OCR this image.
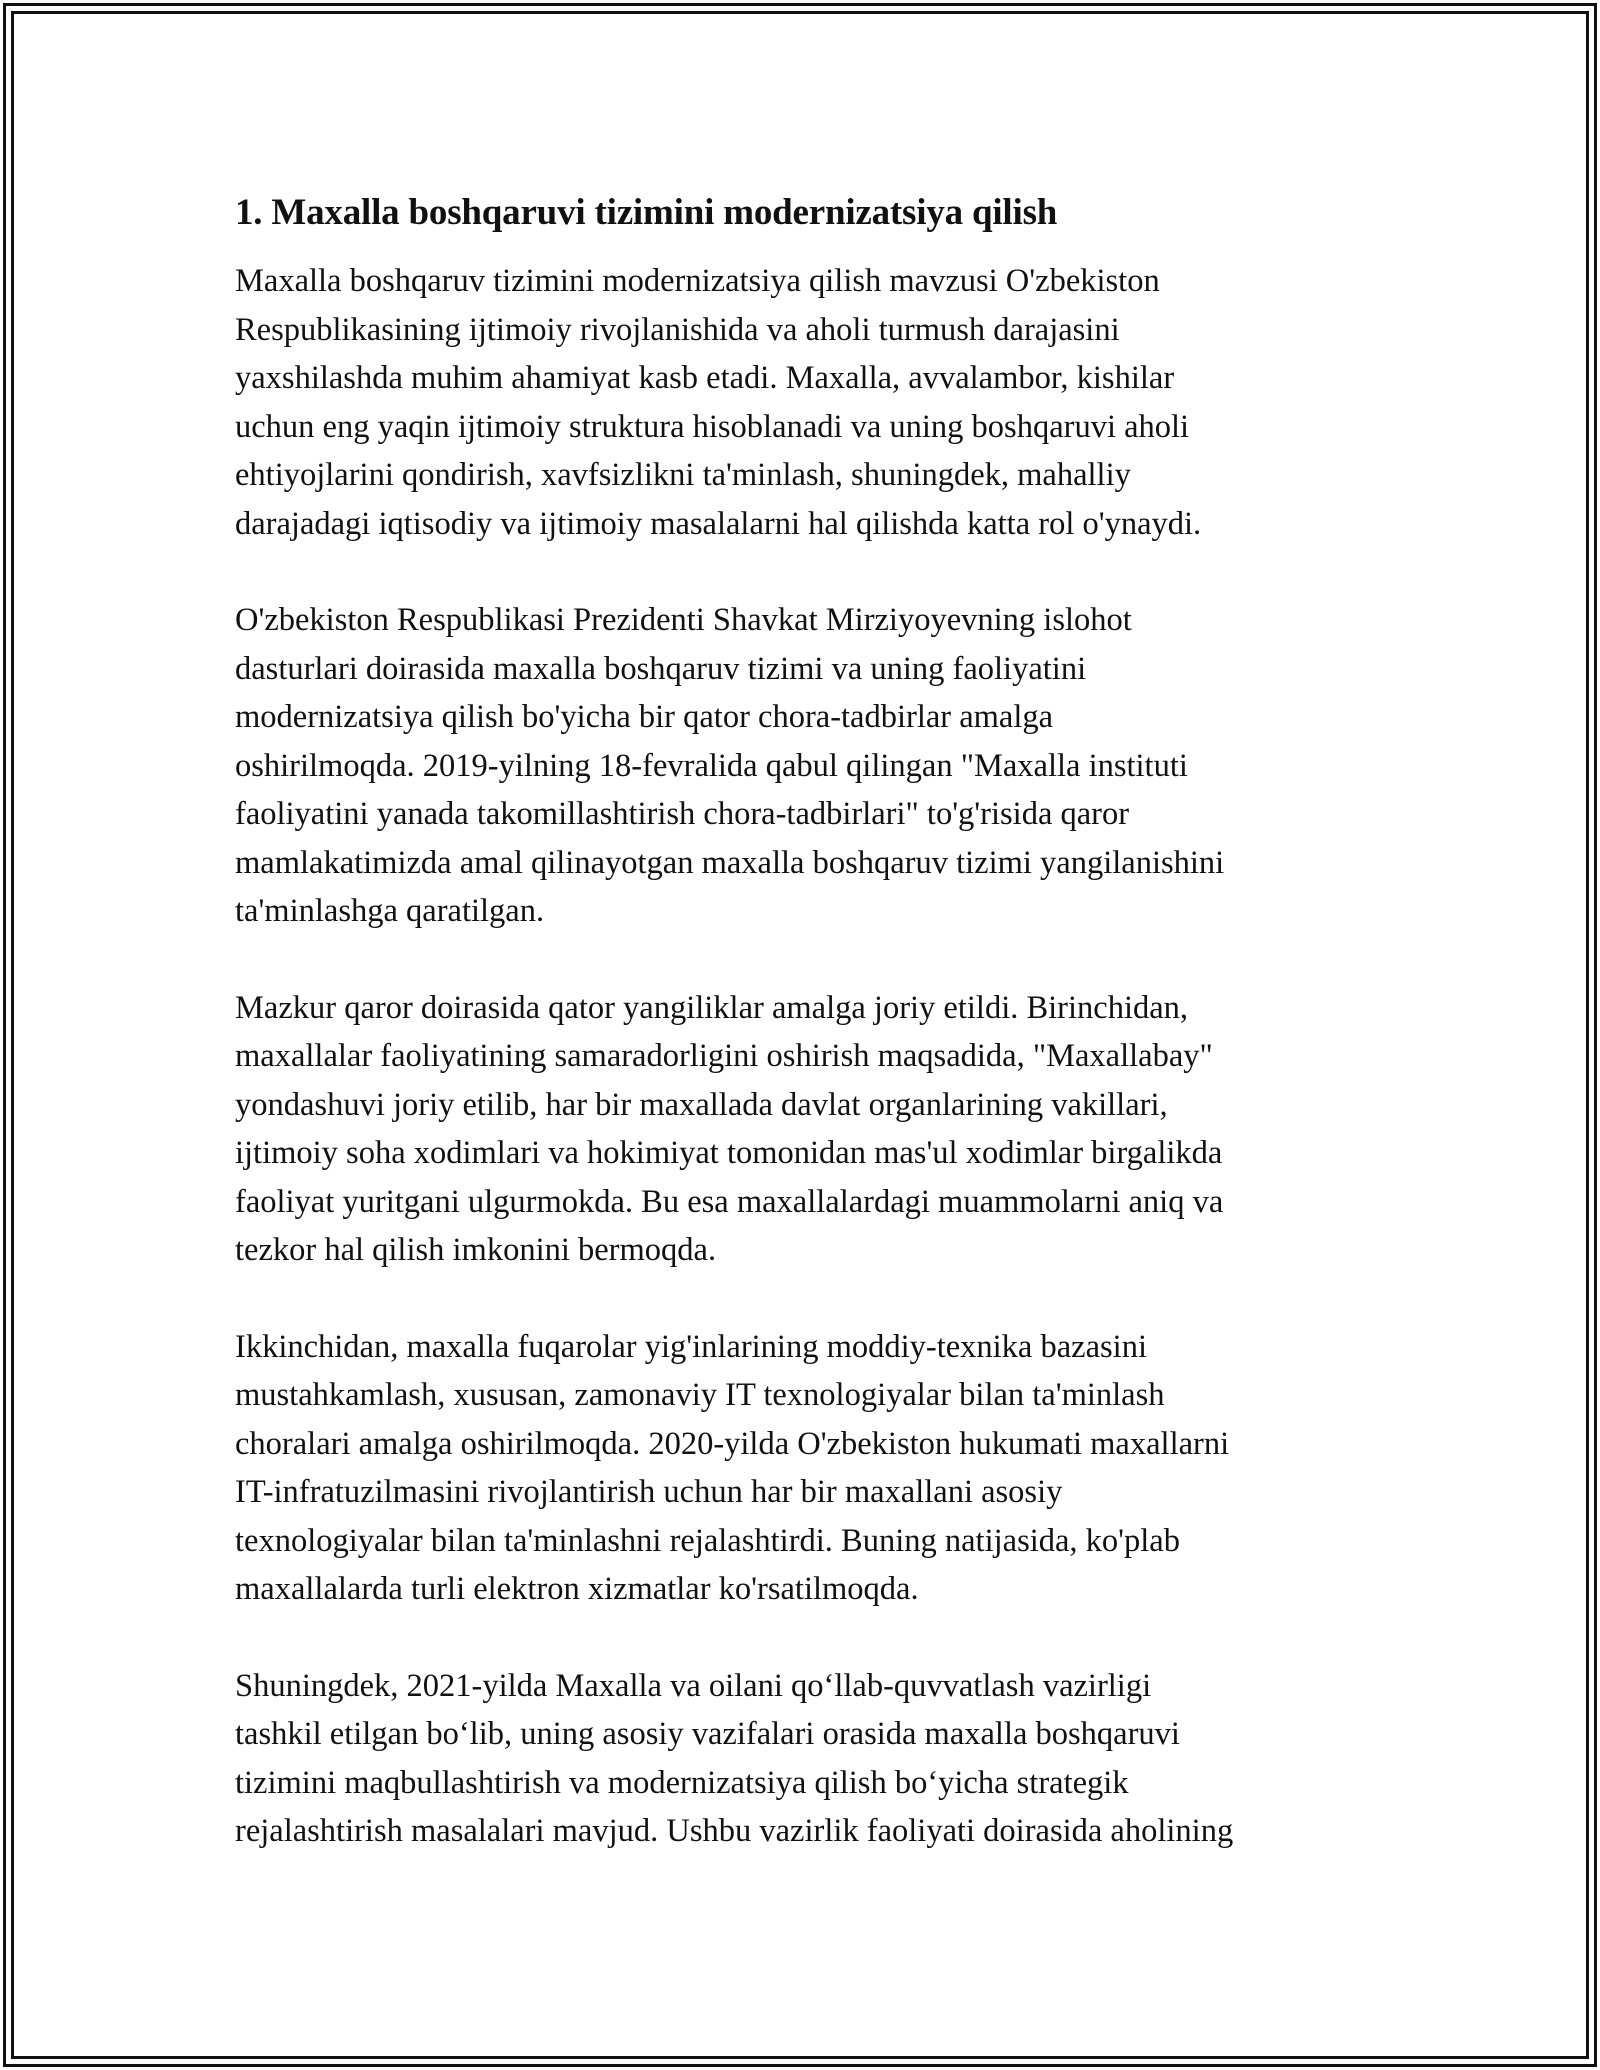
1. Maxalla boshqaruvi tizimini modernizatsiya qilish

Maxalla boshqaruv tizimini modernizatsiya qilish mavzusi O'zbekiston
Respublikasining ijtimoiy rivojlanishida va aholi turmush darajasini
yaxshilashda muhim ahamiyat kasb etadi. Maxalla, avvalambor, kishilar
uchun eng yaqin ijtimoiy struktura hisoblanadi va uning boshqaruvi aholi
ehtiyojlarini qondirish, xavfsizlikni ta'minlash, shuningdek, mahalliy
darajadagi iqtisodiy va ijtimoiy masalalarni hal qilishda katta rol o'ynaydi.

O'zbekiston Respublikasi Prezidenti Shavkat Mirziyoyevning islohot
dasturlari doirasida maxalla boshqaruv tizimi va uning faoliyatini
modernizatsiya qilish bo'yicha bir qator chora-tadbirlar amalga
oshirilmoqda. 2019-yilning 18-fevralida qabul qilingan "Maxalla instituti
faoliyatini yanada takomillashtirish chora-tadbirlari" to'g'risida qaror
mamlakatimizda amal qilinayotgan maxalla boshqaruv tizimi yangilanishini
ta'minlashga qaratilgan.

Mazkur qaror doirasida qator yangiliklar amalga joriy etildi. Birinchidan,
maxallalar faoliyatining samaradorligini oshirish maqsadida, "Maxallabay"
yondashuvi joriy etilib, har bir maxallada davlat organlarining vakillari,
ijtimoiy soha xodimlari va hokimiyat tomonidan mas'ul xodimlar birgalikda
faoliyat yuritgani ulgurmokda. Bu esa maxallalardagi muammolarni aniq va
tezkor hal qilish imkonini bermoqda.

Ikkinchidan, maxalla fuqarolar yig'inlarining moddiy-texnika bazasini
mustahkamlash, xususan, zamonaviy IT texnologiyalar bilan ta'minlash
choralari amalga oshirilmoqda. 2020-yilda O'zbekiston hukumati maxallarni
IT-infratuzilmasini rivojlantirish uchun har bir maxallani asosiy
texnologiyalar bilan ta'minlashni rejalashtirdi. Buning natijasida, ko'plab
maxallalarda turli elektron xizmatlar ko'rsatilmoqda.

Shuningdek, 2021-yilda Maxalla va oilani qo‘llab-quvvatlash vazirligi
tashkil etilgan bo‘lib, uning asosiy vazifalari orasida maxalla boshqaruvi
tizimini maqbullashtirish va modernizatsiya qilish bo‘yicha strategik
rejalashtirish masalalari mavjud. Ushbu vazirlik faoliyati doirasida aholining
